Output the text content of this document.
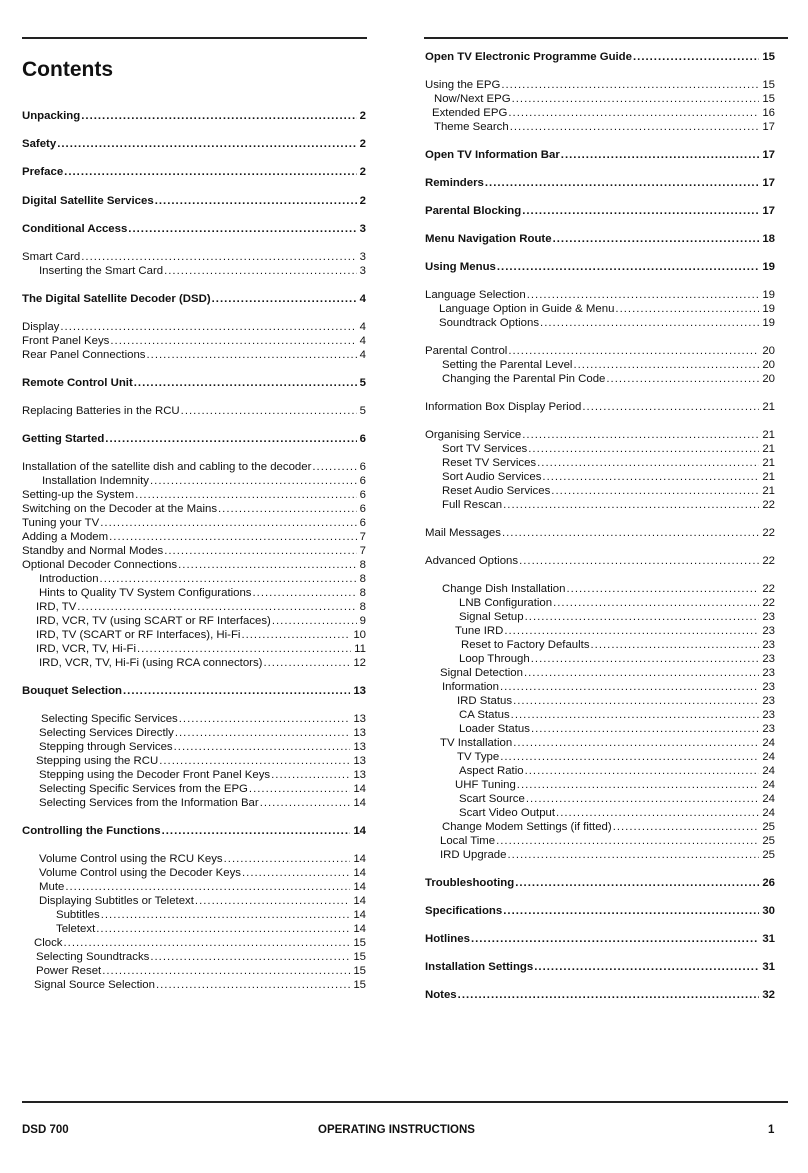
Contents
Unpacking .....	2
Safety .....	2
Preface .....	2
Digital Satellite Services .....	2
Conditional Access .....	3
Smart Card .....	3
Inserting the Smart Card .....	3
The Digital Satellite Decoder (DSD) .....	4
Display .....	4
Front Panel Keys .....	4
Rear Panel Connections .....	4
Remote Control Unit .....	5
Replacing Batteries in the RCU .....	5
Getting Started .....	6
Installation of the satellite dish and cabling to the decoder .....	6
Installation Indemnity .....	6
Setting-up the System .....	6
Switching on the Decoder at the Mains .....	6
Tuning your TV .....	6
Adding a Modem .....	7
Standby and Normal Modes .....	7
Optional Decoder Connections .....	8
Introduction .....	8
Hints to Quality TV System Configurations .....	8
IRD, TV .....	8
IRD, VCR, TV (using SCART or RF Interfaces) .....	9
IRD, TV (SCART or RF Interfaces), Hi-Fi .....	10
IRD, VCR, TV, Hi-Fi .....	11
IRD, VCR, TV, Hi-Fi (using RCA connectors) .....	12
Bouquet Selection .....	13
Selecting Specific Services .....	13
Selecting Services Directly .....	13
Stepping through Services .....	13
Stepping using the RCU .....	13
Stepping using the Decoder Front Panel Keys .....	13
Selecting Specific Services from the EPG .....	14
Selecting Services from the Information Bar .....	14
Controlling the Functions .....	14
Volume Control using the RCU Keys .....	14
Volume Control using the Decoder Keys .....	14
Mute .....	14
Displaying Subtitles or Teletext .....	14
Subtitles .....	14
Teletext .....	14
Clock .....	15
Selecting Soundtracks .....	15
Power Reset .....	15
Signal Source Selection .....	15
Open TV Electronic Programme Guide .....	15
Using the EPG .....	15
Now/Next EPG .....	15
Extended EPG .....	16
Theme Search .....	17
Open TV Information Bar .....	17
Reminders .....	17
Parental Blocking .....	17
Menu Navigation Route .....	18
Using Menus .....	19
Language Selection .....	19
Language Option in Guide & Menu .....	19
Soundtrack Options .....	19
Parental Control .....	20
Setting the Parental Level .....	20
Changing the Parental Pin Code .....	20
Information Box Display Period .....	21
Organising Service .....	21
Sort TV Services .....	21
Reset TV Services .....	21
Sort Audio Services .....	21
Reset Audio Services .....	21
Full Rescan .....	22
Mail Messages .....	22
Advanced Options .....	22
Change Dish Installation .....	22
LNB Configuration .....	22
Signal Setup .....	23
Tune IRD .....	23
Reset to Factory Defaults .....	23
Loop Through .....	23
Signal Detection .....	23
Information .....	23
IRD Status .....	23
CA Status .....	23
Loader Status .....	23
TV Installation .....	24
TV Type .....	24
Aspect Ratio .....	24
UHF Tuning .....	24
Scart Source .....	24
Scart Video Output .....	24
Change Modem Settings (if fitted) .....	25
Local Time .....	25
IRD Upgrade .....	25
Troubleshooting .....	26
Specifications .....	30
Hotlines .....	31
Installation Settings .....	31
Notes .....	32
DSD 700	OPERATING INSTRUCTIONS	1
